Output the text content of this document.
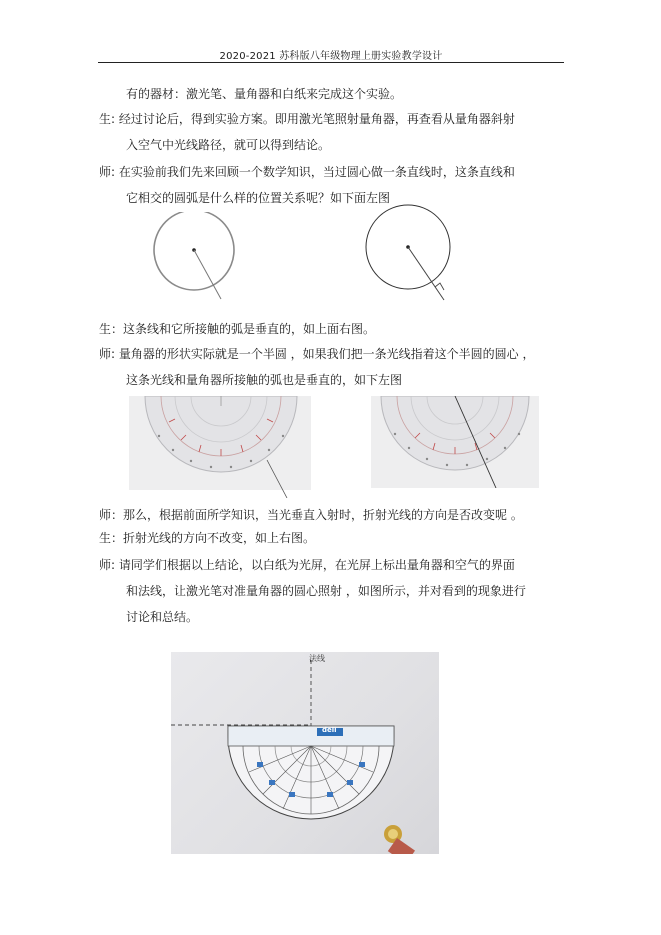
2020-2021 苏科版八年级物理上册实验教学设计
有的器材：激光笔、量角器和白纸来完成这个实验。
生: 经过讨论后，得到实验方案。即用激光笔照射量角器，再查看从量角器斜射
入空气中光线路径，就可以得到结论。
师: 在实验前我们先来回顾一个数学知识，当过圆心做一条直线时，这条直线和
它相交的圆弧是什么样的位置关系呢？如下面左图
生：这条线和它所接触的弧是垂直的，如上面右图。
师: 量角器的形状实际就是一个半圆 ，如果我们把一条光线指着这个半圆的圆心 ，
这条光线和量角器所接触的弧也是垂直的，如下左图
师：那么，根据前面所学知识，当光垂直入射时，折射光线的方向是否改变呢 。
生：折射光线的方向不改变，如上右图。
师: 请同学们根据以上结论，以白纸为光屏，在光屏上标出量角器和空气的界面
和法线，让激光笔对准量角器的圆心照射 ，如图所示，并对看到的现象进行
讨论和总结。
法线
deli
